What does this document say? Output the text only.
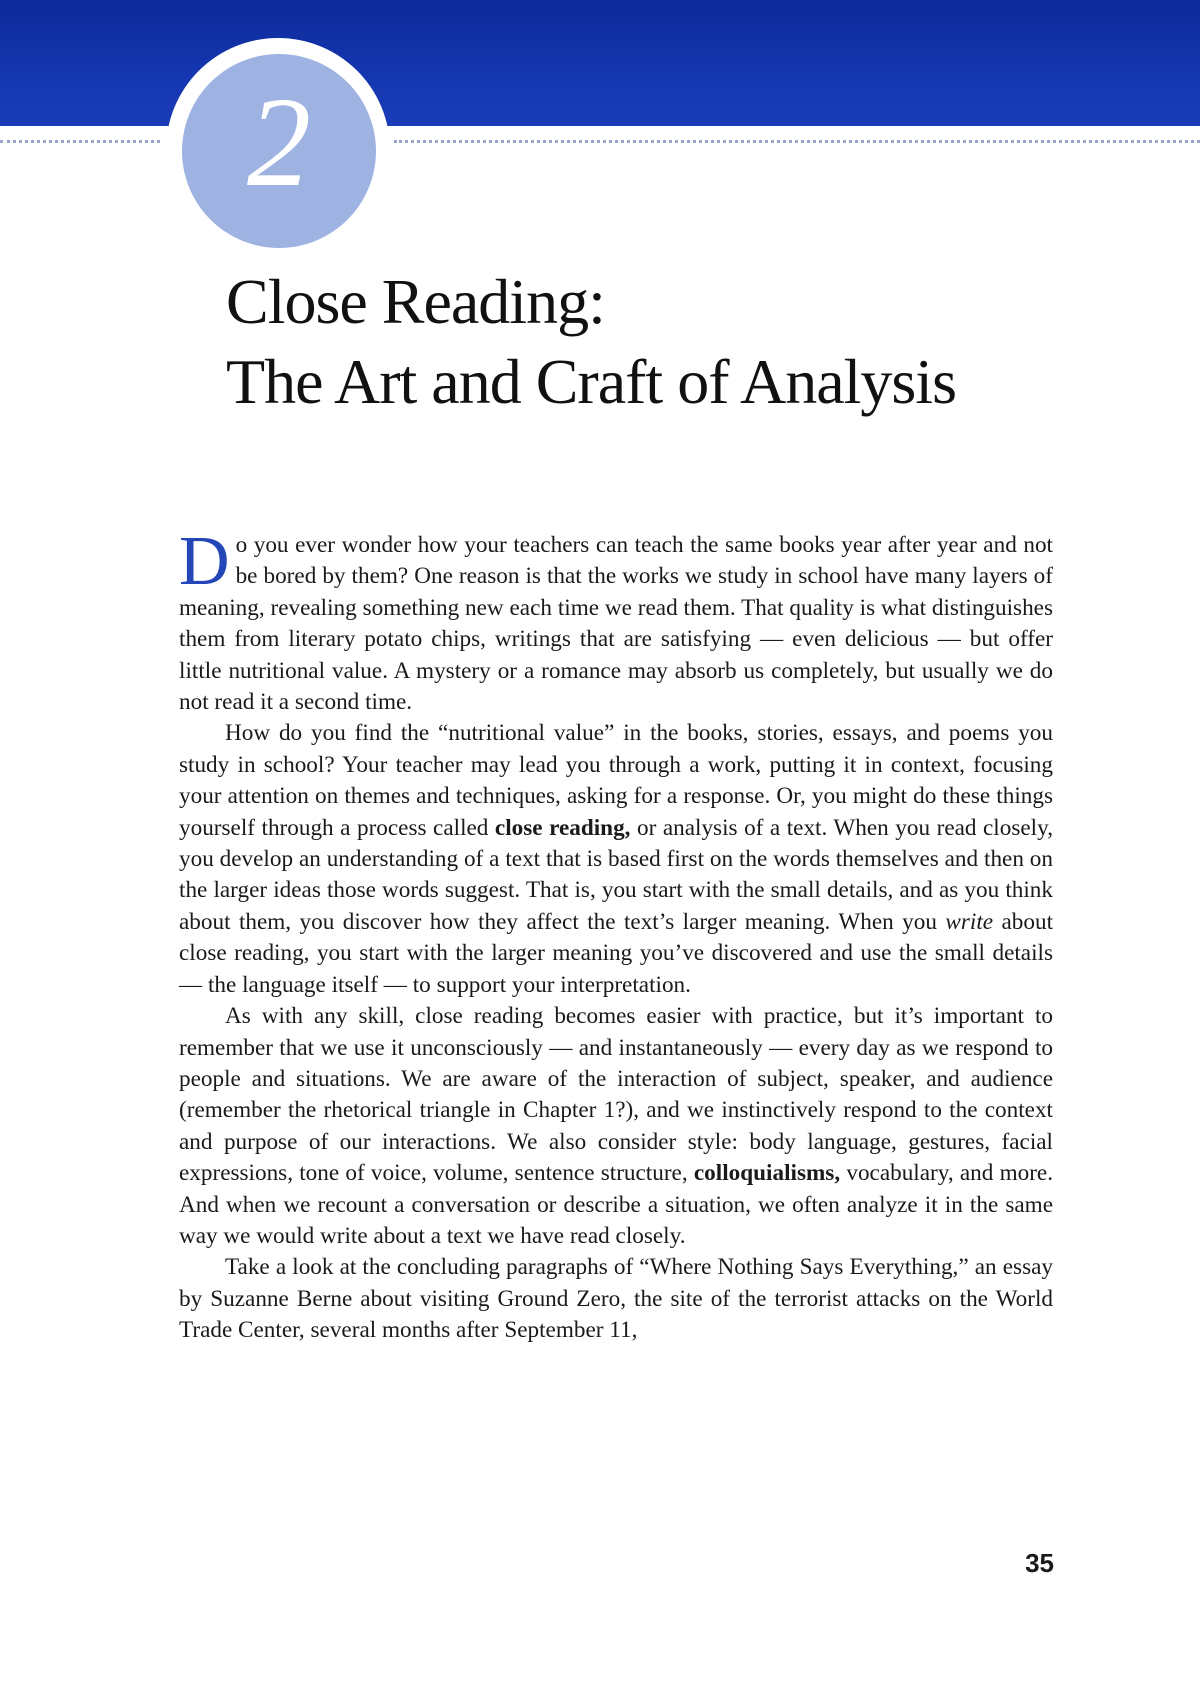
2
Close Reading:
The Art and Craft of Analysis

Do you ever wonder how your teachers can teach the same books year after year and not be bored by them? One reason is that the works we study in school have many layers of meaning, revealing something new each time we read them. That quality is what distinguishes them from literary potato chips, writings that are satisfying — even delicious — but offer little nutritional value. A mystery or a romance may absorb us completely, but usually we do not read it a second time.

How do you find the “nutritional value” in the books, stories, essays, and poems you study in school? Your teacher may lead you through a work, putting it in context, focusing your attention on themes and techniques, asking for a response. Or, you might do these things yourself through a process called close reading, or analysis of a text. When you read closely, you develop an understanding of a text that is based first on the words themselves and then on the larger ideas those words suggest. That is, you start with the small details, and as you think about them, you discover how they affect the text’s larger meaning. When you write about close reading, you start with the larger meaning you’ve discovered and use the small details — the language itself — to support your interpretation.

As with any skill, close reading becomes easier with practice, but it’s important to remember that we use it unconsciously — and instantaneously — every day as we respond to people and situations. We are aware of the interaction of subject, speaker, and audience (remember the rhetorical triangle in Chapter 1?), and we instinctively respond to the context and purpose of our interactions. We also consider style: body language, gestures, facial expressions, tone of voice, volume, sentence structure, colloquialisms, vocabulary, and more. And when we recount a conversation or describe a situation, we often analyze it in the same way we would write about a text we have read closely.

Take a look at the concluding paragraphs of “Where Nothing Says Everything,” an essay by Suzanne Berne about visiting Ground Zero, the site of the terrorist attacks on the World Trade Center, several months after September 11,

35
